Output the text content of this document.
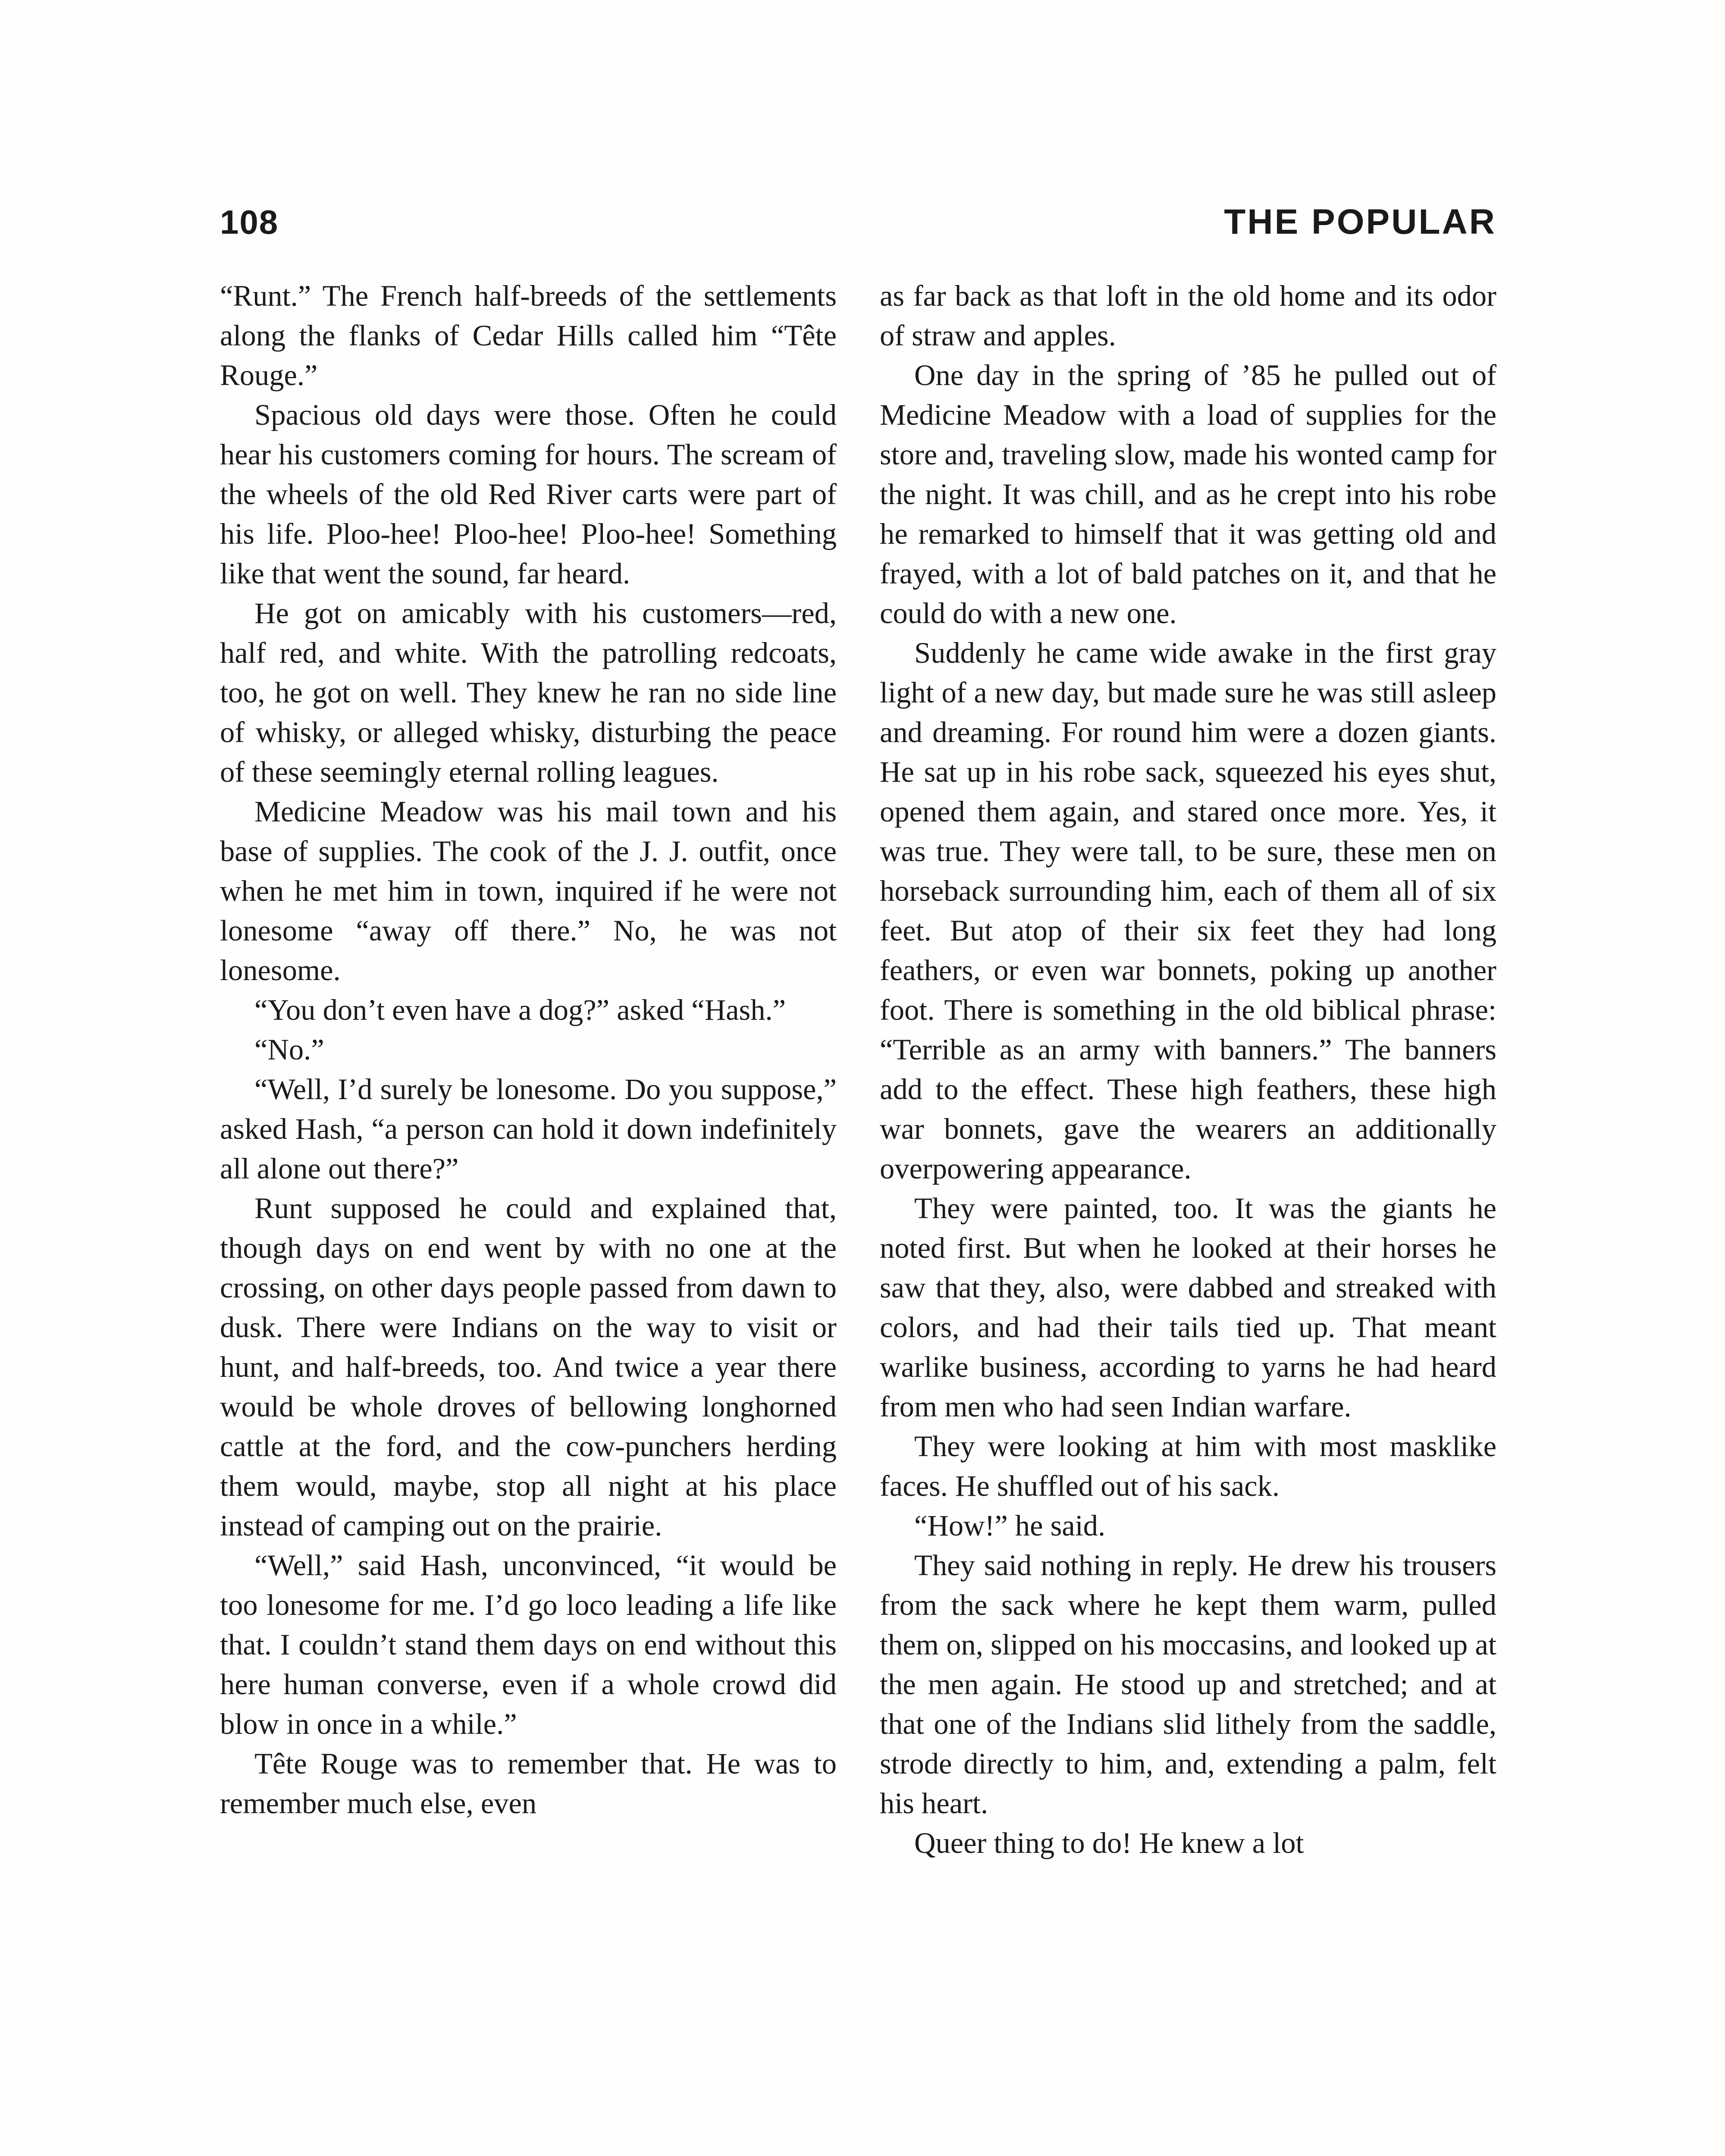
108	THE POPULAR

“Runt.” The French half-breeds of the settlements along the flanks of Cedar Hills called him “Tête Rouge.”

Spacious old days were those. Often he could hear his customers coming for hours. The scream of the wheels of the old Red River carts were part of his life. Ploo-hee! Ploo-hee! Ploo-hee! Something like that went the sound, far heard.

He got on amicably with his customers—red, half red, and white. With the patrolling redcoats, too, he got on well. They knew he ran no side line of whisky, or alleged whisky, disturbing the peace of these seemingly eternal rolling leagues.

Medicine Meadow was his mail town and his base of supplies. The cook of the J. J. outfit, once when he met him in town, inquired if he were not lonesome “away off there.” No, he was not lonesome.

“You don’t even have a dog?” asked “Hash.”

“No.”

“Well, I’d surely be lonesome. Do you suppose,” asked Hash, “a person can hold it down indefinitely all alone out there?”

Runt supposed he could and explained that, though days on end went by with no one at the crossing, on other days people passed from dawn to dusk. There were Indians on the way to visit or hunt, and half-breeds, too. And twice a year there would be whole droves of bellowing longhorned cattle at the ford, and the cow-punchers herding them would, maybe, stop all night at his place instead of camping out on the prairie.

“Well,” said Hash, unconvinced, “it would be too lonesome for me. I’d go loco leading a life like that. I couldn’t stand them days on end without this here human converse, even if a whole crowd did blow in once in a while.”

Tête Rouge was to remember that. He was to remember much else, even

as far back as that loft in the old home and its odor of straw and apples.

One day in the spring of ’85 he pulled out of Medicine Meadow with a load of supplies for the store and, traveling slow, made his wonted camp for the night. It was chill, and as he crept into his robe he remarked to himself that it was getting old and frayed, with a lot of bald patches on it, and that he could do with a new one.

Suddenly he came wide awake in the first gray light of a new day, but made sure he was still asleep and dreaming. For round him were a dozen giants. He sat up in his robe sack, squeezed his eyes shut, opened them again, and stared once more. Yes, it was true. They were tall, to be sure, these men on horseback surrounding him, each of them all of six feet. But atop of their six feet they had long feathers, or even war bonnets, poking up another foot. There is something in the old biblical phrase: “Terrible as an army with banners.” The banners add to the effect. These high feathers, these high war bonnets, gave the wearers an additionally overpowering appearance.

They were painted, too. It was the giants he noted first. But when he looked at their horses he saw that they, also, were dabbed and streaked with colors, and had their tails tied up. That meant warlike business, according to yarns he had heard from men who had seen Indian warfare.

They were looking at him with most masklike faces. He shuffled out of his sack.

“How!” he said.

They said nothing in reply. He drew his trousers from the sack where he kept them warm, pulled them on, slipped on his moccasins, and looked up at the men again. He stood up and stretched; and at that one of the Indians slid lithely from the saddle, strode directly to him, and, extending a palm, felt his heart.

Queer thing to do! He knew a lot
